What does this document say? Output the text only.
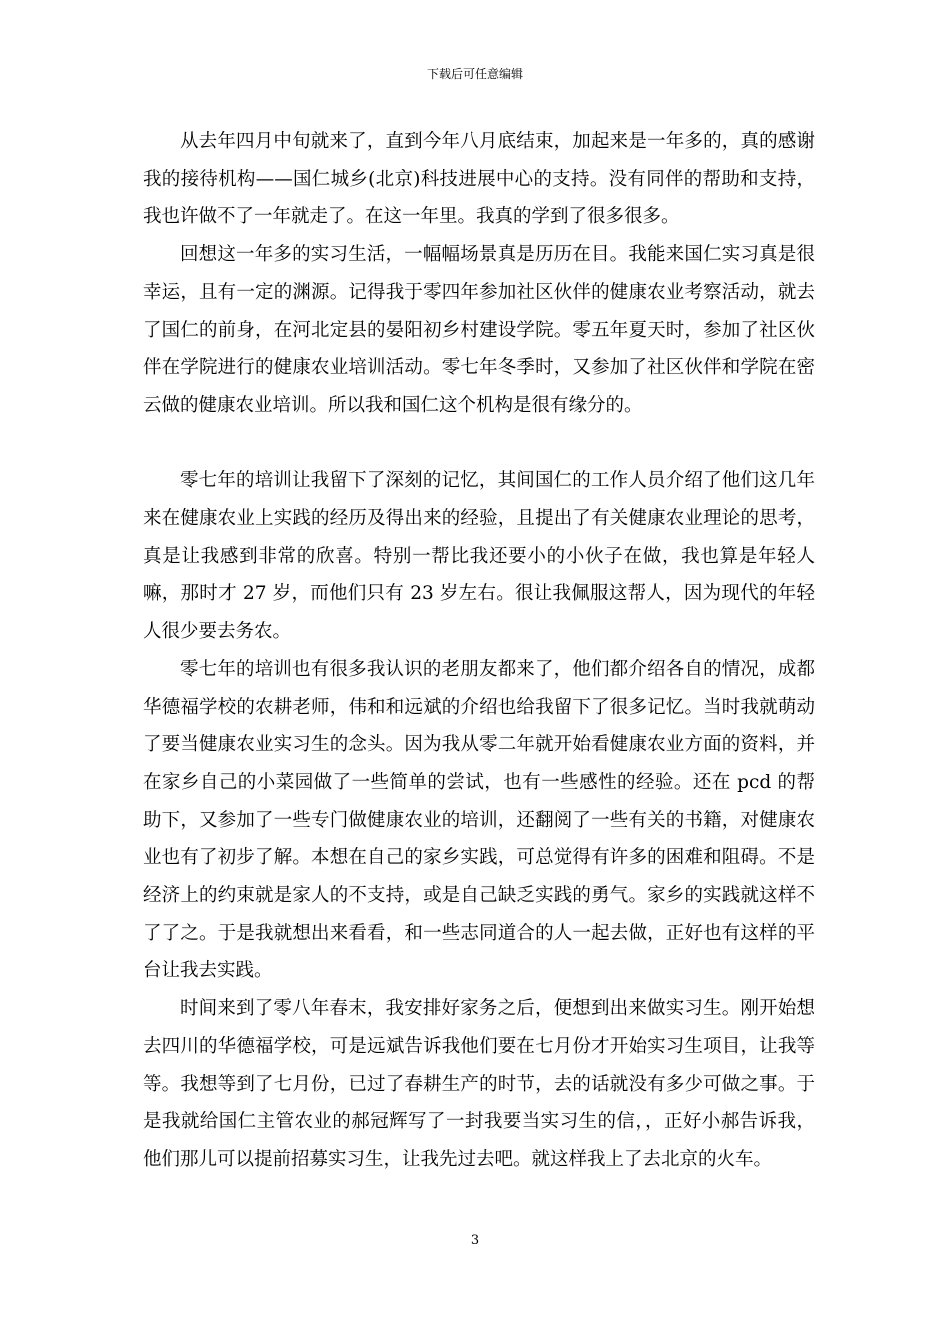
下载后可任意编辑

从去年四月中旬就来了，直到今年八月底结束，加起来是一年多的，真的感谢我的接待机构——国仁城乡(北京)科技进展中心的支持。没有同伴的帮助和支持，我也许做不了一年就走了。在这一年里。我真的学到了很多很多。

回想这一年多的实习生活，一幅幅场景真是历历在目。我能来国仁实习真是很幸运，且有一定的渊源。记得我于零四年参加社区伙伴的健康农业考察活动，就去了国仁的前身，在河北定县的晏阳初乡村建设学院。零五年夏天时，参加了社区伙伴在学院进行的健康农业培训活动。零七年冬季时，又参加了社区伙伴和学院在密云做的健康农业培训。所以我和国仁这个机构是很有缘分的。

零七年的培训让我留下了深刻的记忆，其间国仁的工作人员介绍了他们这几年来在健康农业上实践的经历及得出来的经验，且提出了有关健康农业理论的思考，真是让我感到非常的欣喜。特别一帮比我还要小的小伙子在做，我也算是年轻人嘛，那时才 27 岁，而他们只有 23 岁左右。很让我佩服这帮人，因为现代的年轻人很少要去务农。

零七年的培训也有很多我认识的老朋友都来了，他们都介绍各自的情况，成都华德福学校的农耕老师，伟和和远斌的介绍也给我留下了很多记忆。当时我就萌动了要当健康农业实习生的念头。因为我从零二年就开始看健康农业方面的资料，并在家乡自己的小菜园做了一些简单的尝试，也有一些感性的经验。还在 pcd 的帮助下，又参加了一些专门做健康农业的培训，还翻阅了一些有关的书籍，对健康农业也有了初步了解。本想在自己的家乡实践，可总觉得有许多的困难和阻碍。不是经济上的约束就是家人的不支持，或是自己缺乏实践的勇气。家乡的实践就这样不了了之。于是我就想出来看看，和一些志同道合的人一起去做，正好也有这样的平台让我去实践。

时间来到了零八年春末，我安排好家务之后，便想到出来做实习生。刚开始想去四川的华德福学校，可是远斌告诉我他们要在七月份才开始实习生项目，让我等等。我想等到了七月份，已过了春耕生产的时节，去的话就没有多少可做之事。于是我就给国仁主管农业的郝冠辉写了一封我要当实习生的信，，正好小郝告诉我，他们那儿可以提前招募实习生，让我先过去吧。就这样我上了去北京的火车。

3
